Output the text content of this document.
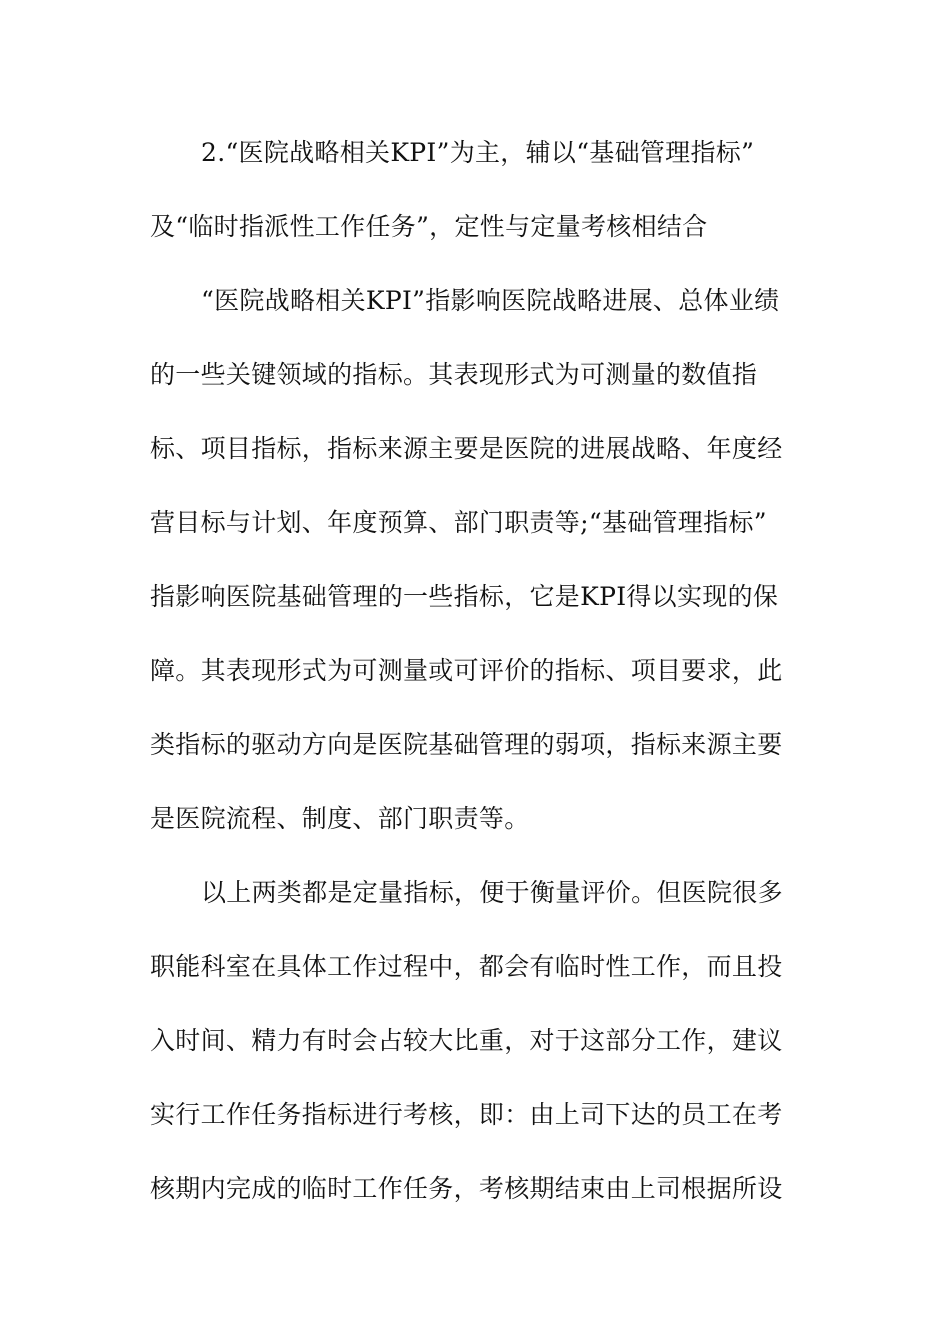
2.“医院战略相关KPI”为主，辅以“基础管理指标”
及“临时指派性工作任务”，定性与定量考核相结合
“医院战略相关KPI”指影响医院战略进展、总体业绩
的一些关键领域的指标。其表现形式为可测量的数值指
标、项目指标，指标来源主要是医院的进展战略、年度经
营目标与计划、年度预算、部门职责等;“基础管理指标”
指影响医院基础管理的一些指标，它是KPI得以实现的保
障。其表现形式为可测量或可评价的指标、项目要求，此
类指标的驱动方向是医院基础管理的弱项，指标来源主要
是医院流程、制度、部门职责等。
以上两类都是定量指标，便于衡量评价。但医院很多
职能科室在具体工作过程中，都会有临时性工作，而且投
入时间、精力有时会占较大比重，对于这部分工作，建议
实行工作任务指标进行考核，即：由上司下达的员工在考
核期内完成的临时工作任务，考核期结束由上司根据所设
